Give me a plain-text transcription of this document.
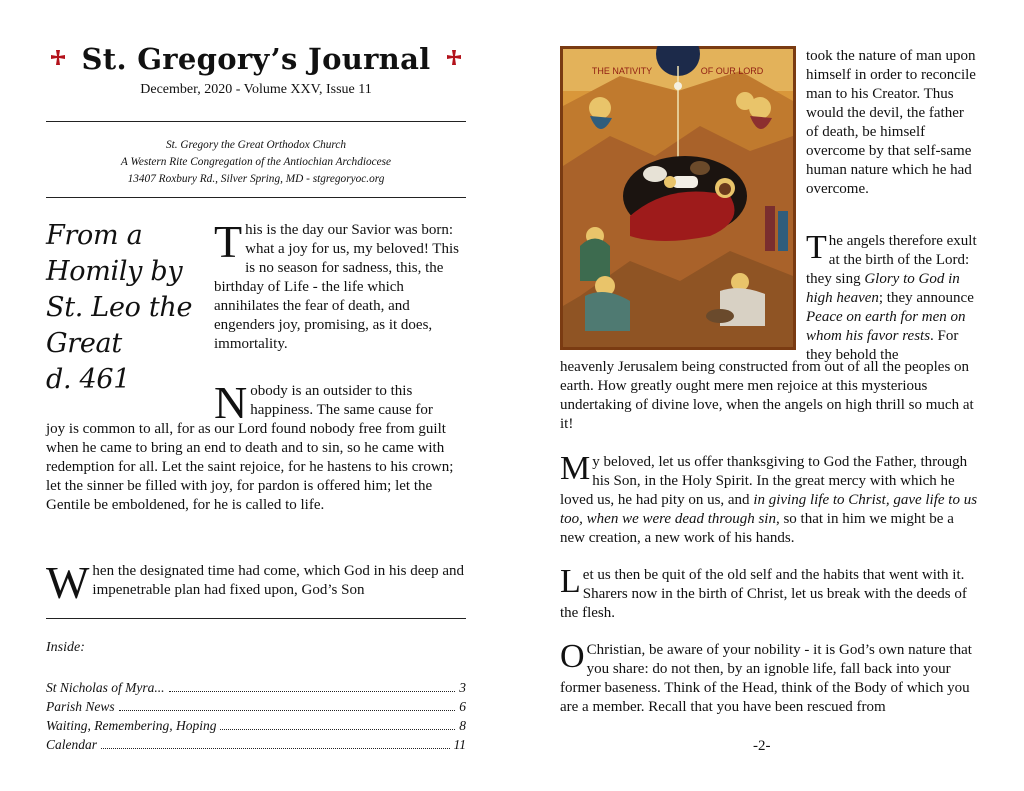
St. Gregory’s Journal
December, 2020 - Volume XXV, Issue 11
St. Gregory the Great Orthodox Church
A Western Rite Congregation of the Antiochian Archdiocese
13407 Roxbury Rd., Silver Spring, MD - stgregoryoc.org
From a
Homily by
St. Leo the
Great
d. 461
This is the day our Savior was born: what a joy for us, my beloved! This is no season for sadness, this, the birthday of Life - the life which annihilates the fear of death, and engenders joy, promising, as it does, immortality.
Nobody is an outsider to this happiness. The same cause for
joy is common to all, for as our Lord found nobody free from guilt when he came to bring an end to death and to sin, so he came with redemption for all. Let the saint rejoice, for he hastens to his crown; let the sinner be filled with joy, for pardon is offered him; let the Gentile be emboldened, for he is called to life.
When the designated time had come, which God in his deep and impenetrable plan had fixed upon, God’s Son
Inside:
St Nicholas of Myra...	3
Parish News	6
Waiting, Remembering, Hoping	8
Calendar	11
THE NATIVITY	OF OUR LORD
took the nature of man upon himself in order to reconcile man to his Creator. Thus would the devil, the father of death, be himself overcome by that self-same human nature which he had overcome.
The angels therefore exult at the birth of the Lord: they sing Glory to God in high heaven; they announce Peace on earth for men on whom his favor rests. For they behold the
heavenly Jerusalem being constructed from out of all the peoples on earth. How greatly ought mere men rejoice at this mysterious undertaking of divine love, when the angels on high thrill so much at it!
My beloved, let us offer thanksgiving to God the Father, through his Son, in the Holy Spirit. In the great mercy with which he loved us, he had pity on us, and in giving life to Christ, gave life to us too, when we were dead through sin, so that in him we might be a new creation, a new work of his hands.
Let us then be quit of the old self and the habits that went with it. Sharers now in the birth of Christ, let us break with the deeds of the flesh.
O Christian, be aware of your nobility - it is God’s own nature that you share: do not then, by an ignoble life, fall back into your former baseness. Think of the Head, think of the Body of which you are a member. Recall that you have been rescued from
-2-
